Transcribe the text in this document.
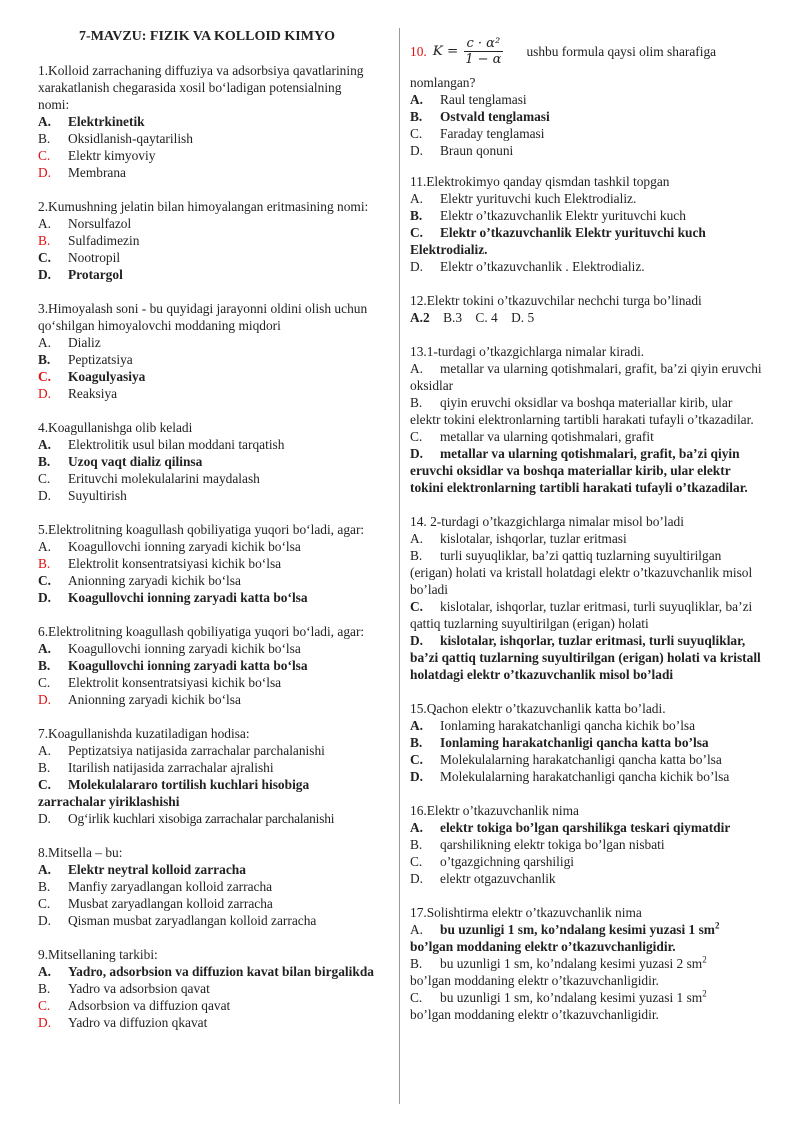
7-MAVZU: FIZIK VA KOLLOID KIMYO
1.Kolloid zarrachaning diffuziya va adsorbsiya qavatlarining xarakatlanish chegarasida xosil bo‘ladigan potensialning nomi:
A.	Elektrkinetik
B.	Oksidlanish-qaytarilish
C.	Elektr kimyoviy
D.	Membrana
2.Kumushning jelatin bilan himoyalangan eritmasining nomi:
A.	Norsulfazol
B.	Sulfadimezin
C.	Nootropil
D.	Protargol
3.Himoyalash soni - bu quyidagi jarayonni oldini olish uchun qo‘shilgan himoyalovchi moddaning miqdori
A.	Dializ
B.	Peptizatsiya
C.	Koagulyasiya
D.	Reaksiya
4.Koagullanishga olib keladi
A.	Elektrolitik usul bilan moddani tarqatish
B.	Uzoq vaqt dializ qilinsa
C.	Erituvchi molekulalarini maydalash
D.	Suyultirish
5.Elektrolitning koagullash qobiliyatiga yuqori bo‘ladi, agar:
A.	Koagullovchi ionning zaryadi kichik bo‘lsa
B.	Elektrolit konsentratsiyasi kichik bo‘lsa
C.	Anionning zaryadi kichik bo‘lsa
D.	Koagullovchi ionning zaryadi katta bo‘lsa
6.Elektrolitning koagullash qobiliyatiga yuqori bo‘ladi, agar:
A.	Koagullovchi ionning zaryadi kichik bo‘lsa
B.	Koagullovchi ionning zaryadi katta bo‘lsa
C.	Elektrolit konsentratsiyasi kichik bo‘lsa
D.	Anionning zaryadi kichik bo‘lsa
7.Koagullanishda kuzatiladigan hodisa:
A.	Peptizatsiya natijasida zarrachalar parchalanishi
B.	Itarilish natijasida zarrachalar ajralishi
C. Molekulalararo tortilish kuchlari hisobiga zarrachalar yiriklashishi
D.	Og‘irlik kuchlari xisobiga zarrachalar parchalanishi
8.Mitsella – bu:
A.	Elektr neytral kolloid zarracha
B.	Manfiy zaryadlangan kolloid zarracha
C.	Musbat zaryadlangan kolloid zarracha
D.	Qisman musbat zaryadlangan kolloid zarracha
9.Mitsellaning tarkibi:
A. Yadro, adsorbsion va diffuzion kavat bilan birgalikda
B.	Yadro va adsorbsion qavat
C.	Adsorbsion va diffuzion qavat
D.	Yadro va diffuzion qkavat
10. $K = \frac{\text{c · α²}}{1 - \alpha}$ ushbu formula qaysi olim sharafiga
nomlangan?
A.	Raul tenglamasi
B.	Ostvald tenglamasi
C.	Faraday tenglamasi
D.	Braun qonuni
11.Elektrokimyo qanday qismdan tashkil topgan
A.	Elektr yurituvchi kuch Elektrodializ.
B.	Elektr o’tkazuvchanlik Elektr yurituvchi kuch
C. Elektr o’tkazuvchanlik Elektr yurituvchi kuch Elektrodializ.
D.	Elektr o’tkazuvchanlik . Elektrodializ.
12.Elektr tokini o’tkazuvchilar nechchi turga bo’linadi
A.2 B.3 C. 4 D. 5
13.1-turdagi o’tkazgichlarga nimalar kiradi.
A. metallar va ularning qotishmalari, grafit, ba’zi qiyin eruvchi oksidlar
B. qiyin eruvchi oksidlar va boshqa materiallar kirib, ular elektr tokini elektronlarning tartibli harakati tufayli o’tkazadilar.
C.	metallar va ularning qotishmalari, grafit
D. metallar va ularning qotishmalari, grafit, ba’zi qiyin eruvchi oksidlar va boshqa materiallar kirib, ular elektr tokini elektronlarning tartibli harakati tufayli o’tkazadilar.
14. 2-turdagi o’tkazgichlarga nimalar misol bo’ladi
A.	kislotalar, ishqorlar, tuzlar eritmasi
B. turli suyuqliklar, ba’zi qattiq tuzlarning suyultirilgan (erigan) holati va kristall holatdagi elektr o’tkazuvchanlik misol bo’ladi
C. kislotalar, ishqorlar, tuzlar eritmasi, turli suyuqliklar, ba’zi qattiq tuzlarning suyultirilgan (erigan) holati
D. kislotalar, ishqorlar, tuzlar eritmasi, turli suyuqliklar, ba’zi qattiq tuzlarning suyultirilgan (erigan) holati va kristall holatdagi elektr o’tkazuvchanlik misol bo’ladi
15.Qachon elektr o’tkazuvchanlik katta bo’ladi.
A.	Ionlaming harakatchanligi qancha kichik bo’lsa
B.	Ionlaming harakatchanligi qancha katta bo’lsa
C.	Molekulalarning harakatchanligi qancha katta bo’lsa
D.	Molekulalarning harakatchanligi qancha kichik bo’lsa
16.Elektr o’tkazuvchanlik nima
A.	elektr tokiga bo’lgan qarshilikga teskari qiymatdir
B.	qarshilikning elektr tokiga bo’lgan nisbati
C.	o’tgazgichning qarshiligi
D.	elektr otgazuvchanlik
17.Solishtirma elektr o’tkazuvchanlik nima
A. bu uzunligi 1 sm, ko’ndalang kesimi yuzasi 1 $sm^2$
bo’lgan moddaning elektr o’tkazuvchanligidir.
B. bu uzunligi 1 sm, ko’ndalang kesimi yuzasi 2 $sm^2$
bo’lgan moddaning elektr o’tkazuvchanligidir.
C. bu uzunligi 1 sm, ko’ndalang kesimi yuzasi 1 $sm^2$
bo’lgan moddaning elektr o’tkazuvchanligidir.
